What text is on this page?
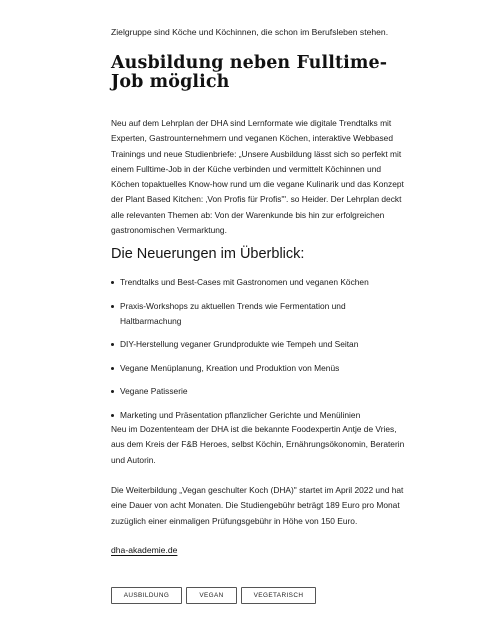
Zielgruppe sind Köche und Köchinnen, die schon im Berufsleben stehen.

Ausbildung neben Fulltime-
Job möglich
Neu auf dem Lehrplan der DHA sind Lernformate wie digitale Trendtalks mit
Experten, Gastrounternehmern und veganen Köchen, interaktive Webbased
Trainings und neue Studienbriefe: „Unsere Ausbildung lässt sich so perfekt mit
einem Fulltime-Job in der Küche verbinden und vermittelt Köchinnen und
Köchen topaktuelles Know-how rund um die vegane Kulinarik und das Konzept
der Plant Based Kitchen: ‚Von Profis für Profis'". so Heider. Der Lehrplan deckt
alle relevanten Themen ab: Von der Warenkunde bis hin zur erfolgreichen
gastronomischen Vermarktung.
Die Neuerungen im Überblick:
Trendtalks und Best-Cases mit Gastronomen und veganen Köchen
Praxis-Workshops zu aktuellen Trends wie Fermentation und
Haltbarmachung
DIY-Herstellung veganer Grundprodukte wie Tempeh und Seitan
Vegane Menüplanung, Kreation und Produktion von Menüs
Vegane Patisserie
Marketing und Präsentation pflanzlicher Gerichte und Menülinien
Neu im Dozententeam der DHA ist die bekannte Foodexpertin Antje de Vries,
aus dem Kreis der F&B Heroes, selbst Köchin, Ernährungsökonomin, Beraterin
und Autorin.
Die Weiterbildung „Vegan geschulter Koch (DHA)" startet im April 2022 und hat
eine Dauer von acht Monaten. Die Studiengebühr beträgt 189 Euro pro Monat
zuzüglich einer einmaligen Prüfungsgebühr in Höhe von 150 Euro.
dha-akademie.de
AUSBILDUNG	VEGAN	VEGETARISCH
